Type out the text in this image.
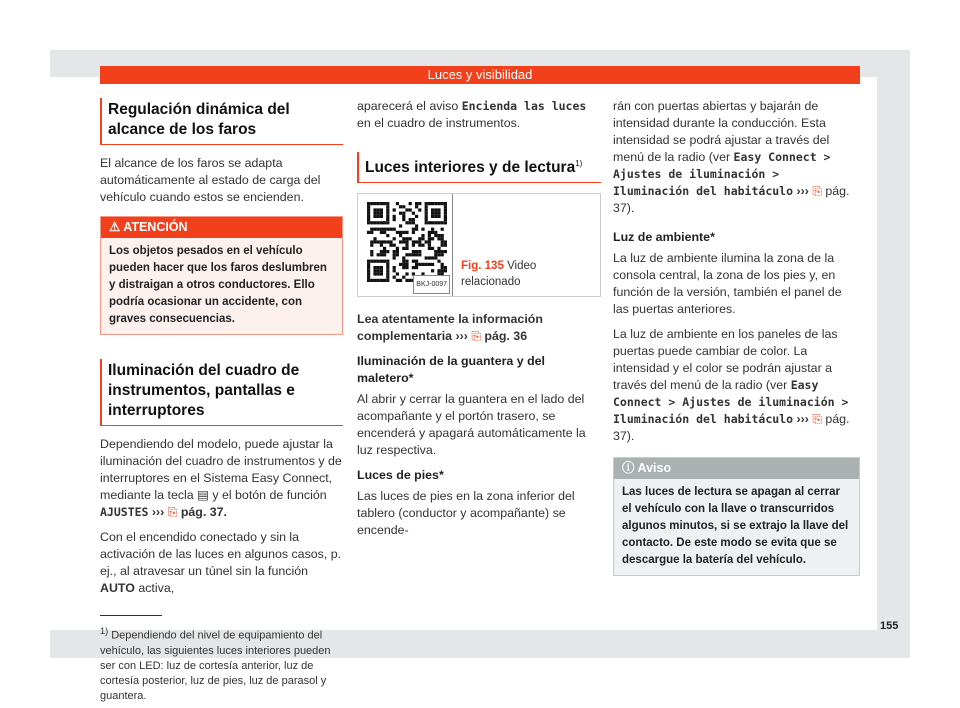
Luces y visibilidad
Regulación dinámica del alcance de los faros

El alcance de los faros se adapta automáticamente al estado de carga del vehículo cuando estos se encienden.

⚠ ATENCIÓN
Los objetos pesados en el vehículo pueden hacer que los faros deslumbren y distraigan a otros conductores. Ello podría ocasionar un accidente, con graves consecuencias.
Iluminación del cuadro de instrumentos, pantallas e interruptores

Dependiendo del modelo, puede ajustar la iluminación del cuadro de instrumentos y de interruptores en el Sistema Easy Connect, mediante la tecla ▤ y el botón de función AJUSTES ››› ⎘ pág. 37.

Con el encendido conectado y sin la activación de las luces en algunos casos, p. ej., al atravesar un túnel sin la función AUTO activa,

$^{1)}$ Dependiendo del nivel de equipamiento del vehículo, las siguientes luces interiores pueden ser con LED: luz de cortesía anterior, luz de cortesía posterior, luz de pies, luz de parasol y guantera.

aparecerá el aviso Encienda las luces en el cuadro de instrumentos.

Luces interiores y de lectura$^{1)}$
BKJ-0097
Fig. 135 Video relacionado

Lea atentamente la información complementaria ››› ⎘ pág. 36

Iluminación de la guantera y del maletero*

Al abrir y cerrar la guantera en el lado del acompañante y el portón trasero, se encenderá y apagará automáticamente la luz respectiva.

Luces de pies*

Las luces de pies en la zona inferior del tablero (conductor y acompañante) se encende-

rán con puertas abiertas y bajarán de intensidad durante la conducción. Esta intensidad se podrá ajustar a través del menú de la radio (ver Easy Connect > Ajustes de iluminación > Iluminación del habitáculo ››› ⎘ pág. 37).

Luz de ambiente*

La luz de ambiente ilumina la zona de la consola central, la zona de los pies y, en función de la versión, también el panel de las puertas anteriores.

La luz de ambiente en los paneles de las puertas puede cambiar de color. La intensidad y el color se podrán ajustar a través del menú de la radio (ver Easy Connect > Ajustes de iluminación > Iluminación del habitáculo ››› ⎘ pág. 37).

ⓘ Aviso
Las luces de lectura se apagan al cerrar el vehículo con la llave o transcurridos algunos minutos, si se extrajo la llave del contacto. De este modo se evita que se descargue la batería del vehículo.
155
